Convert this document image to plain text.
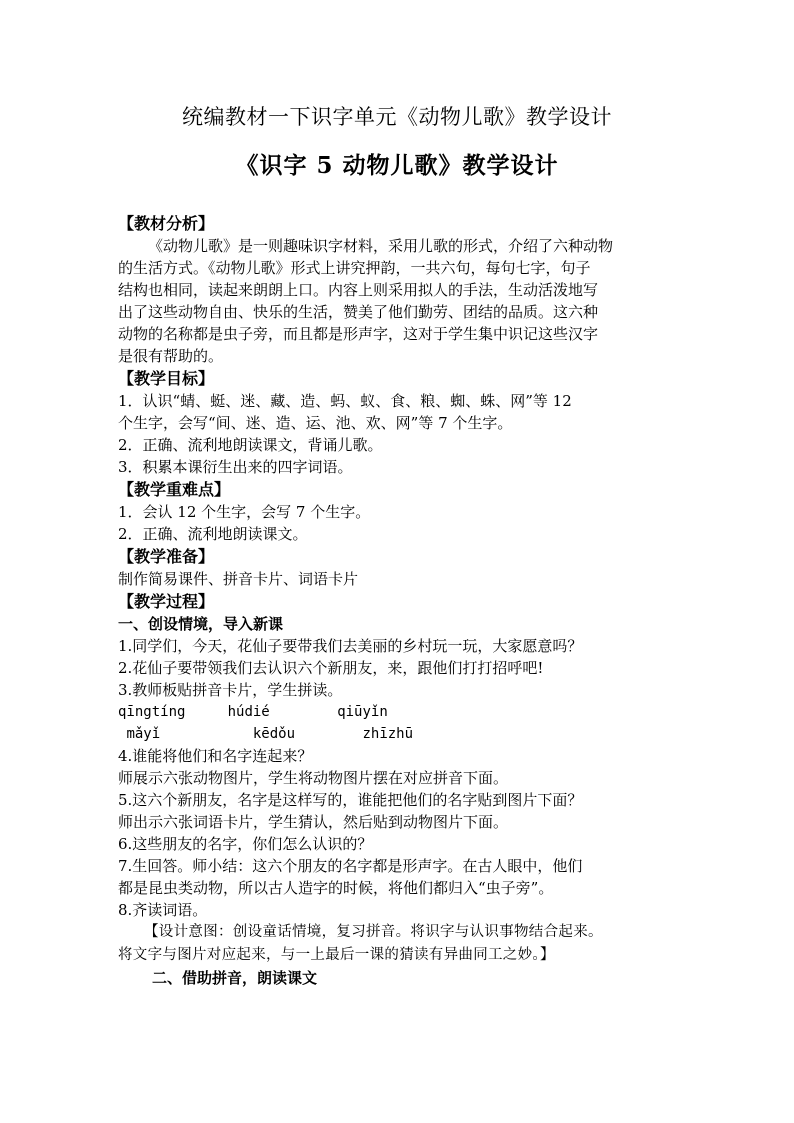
统编教材一下识字单元《动物儿歌》教学设计
《识字 5 动物儿歌》教学设计

【教材分析】

《动物儿歌》是一则趣味识字材料，采用儿歌的形式，介绍了六种动物

的生活方式。《动物儿歌》形式上讲究押韵，一共六句，每句七字，句子

结构也相同，读起来朗朗上口。内容上则采用拟人的手法，生动活泼地写

出了这些动物自由、快乐的生活，赞美了他们勤劳、团结的品质。这六种

动物的名称都是虫子旁，而且都是形声字，这对于学生集中识记这些汉字

是很有帮助的。

【教学目标】

1．认识“蜻、蜓、迷、藏、造、蚂、蚁、食、粮、蜘、蛛、网”等 12

个生字，会写“间、迷、造、运、池、欢、网”等 7 个生字。

2．正确、流利地朗读课文，背诵儿歌。

3．积累本课衍生出来的四字词语。

【教学重难点】

1．会认 12 个生字，会写 7 个生字。

2．正确、流利地朗读课文。

【教学准备】

制作简易课件、拼音卡片、词语卡片

【教学过程】

一、创设情境，导入新课

1.同学们，今天，花仙子要带我们去美丽的乡村玩一玩，大家愿意吗？

2.花仙子要带领我们去认识六个新朋友，来，跟他们打打招呼吧!

3.教师板贴拼音卡片，学生拼读。

qīngtíng	húdié	qiūyǐn

mǎyǐ	kēdǒu	zhīzhū

4.谁能将他们和名字连起来？

师展示六张动物图片，学生将动物图片摆在对应拼音下面。

5.这六个新朋友，名字是这样写的，谁能把他们的名字贴到图片下面？

师出示六张词语卡片，学生猜认，然后贴到动物图片下面。

6.这些朋友的名字，你们怎么认识的？

7.生回答。师小结：这六个朋友的名字都是形声字。在古人眼中，他们

都是昆虫类动物，所以古人造字的时候，将他们都归入“虫子旁”。

8.齐读词语。

【设计意图：创设童话情境，复习拼音。将识字与认识事物结合起来。

将文字与图片对应起来，与一上最后一课的猜读有异曲同工之妙。】

二、借助拼音，朗读课文
